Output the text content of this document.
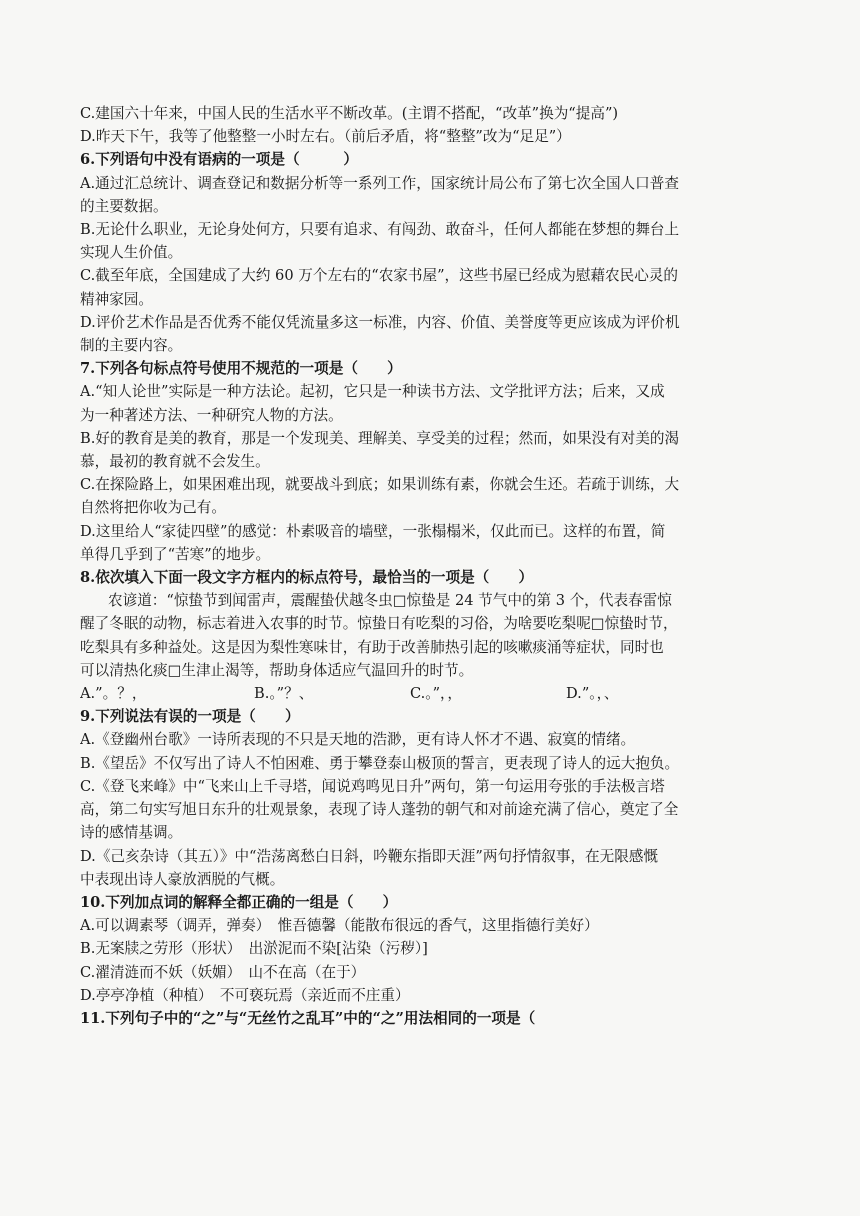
C.建国六十年来，中国人民的生活水平不断改革。(主谓不搭配，“改革”换为“提高”)
D.昨天下午，我等了他整整一小时左右。（前后矛盾，将“整整”改为“足足”）
6.下列语句中没有语病的一项是（　　　）
A.通过汇总统计、调查登记和数据分析等一系列工作，国家统计局公布了第七次全国人口普查
的主要数据。
B.无论什么职业，无论身处何方，只要有追求、有闯劲、敢奋斗，任何人都能在梦想的舞台上
实现人生价值。
C.截至年底，全国建成了大约 60 万个左右的“农家书屋”，这些书屋已经成为慰藉农民心灵的
精神家园。
D.评价艺术作品是否优秀不能仅凭流量多这一标准，内容、价值、美誉度等更应该成为评价机
制的主要内容。
7.下列各句标点符号使用不规范的一项是（　　）
A.“知人论世”实际是一种方法论。起初，它只是一种读书方法、文学批评方法；后来，又成
为一种著述方法、一种研究人物的方法。
B.好的教育是美的教育，那是一个发现美、理解美、享受美的过程；然而，如果没有对美的渴
慕，最初的教育就不会发生。
C.在探险路上，如果困难出现，就要战斗到底；如果训练有素，你就会生还。若疏于训练，大
自然将把你收为己有。
D.这里给人“家徒四壁”的感觉：朴素吸音的墙壁，一张榻榻米，仅此而已。这样的布置，简
单得几乎到了“苦寒”的地步。
8.依次填入下面一段文字方框内的标点符号，最恰当的一项是（　　）
农谚道：“惊蛰节到闻雷声，震醒蛰伏越冬虫□惊蛰是 24 节气中的第 3 个，代表春雷惊
醒了冬眠的动物，标志着进入农事的时节。惊蛰日有吃梨的习俗，为啥要吃梨呢□惊蛰时节，
吃梨具有多种益处。这是因为梨性寒味甘，有助于改善肺热引起的咳嗽痰涌等症状，同时也
可以清热化痰□生津止渴等，帮助身体适应气温回升的时节。
A.”。？，	B.。”？、	C.。”，，	D.”。，、
9.下列说法有误的一项是（　　）
A.《登幽州台歌》一诗所表现的不只是天地的浩渺，更有诗人怀才不遇、寂寞的情绪。
B.《望岳》不仅写出了诗人不怕困难、勇于攀登泰山极顶的誓言，更表现了诗人的远大抱负。
C.《登飞来峰》中“飞来山上千寻塔，闻说鸡鸣见日升”两句，第一句运用夸张的手法极言塔
高，第二句实写旭日东升的壮观景象，表现了诗人蓬勃的朝气和对前途充满了信心，奠定了全
诗的感情基调。
D.《己亥杂诗（其五）》中“浩荡离愁白日斜，吟鞭东指即天涯”两句抒情叙事，在无限感慨
中表现出诗人豪放洒脱的气概。
10.下列加点词的解释全都正确的一组是（　　）
A.可以调素琴（调弄，弹奏）　惟吾德馨（能散布很远的香气，这里指德行美好）
B.无案牍之劳形（形状）　出淤泥而不染[沾染（污秽）]
C.濯清涟而不妖（妖媚）　山不在高（在于）
D.亭亭净植（种植）　不可亵玩焉（亲近而不庄重）
11.下列句子中的“之”与“无丝竹之乱耳”中的“之”用法相同的一项是（
